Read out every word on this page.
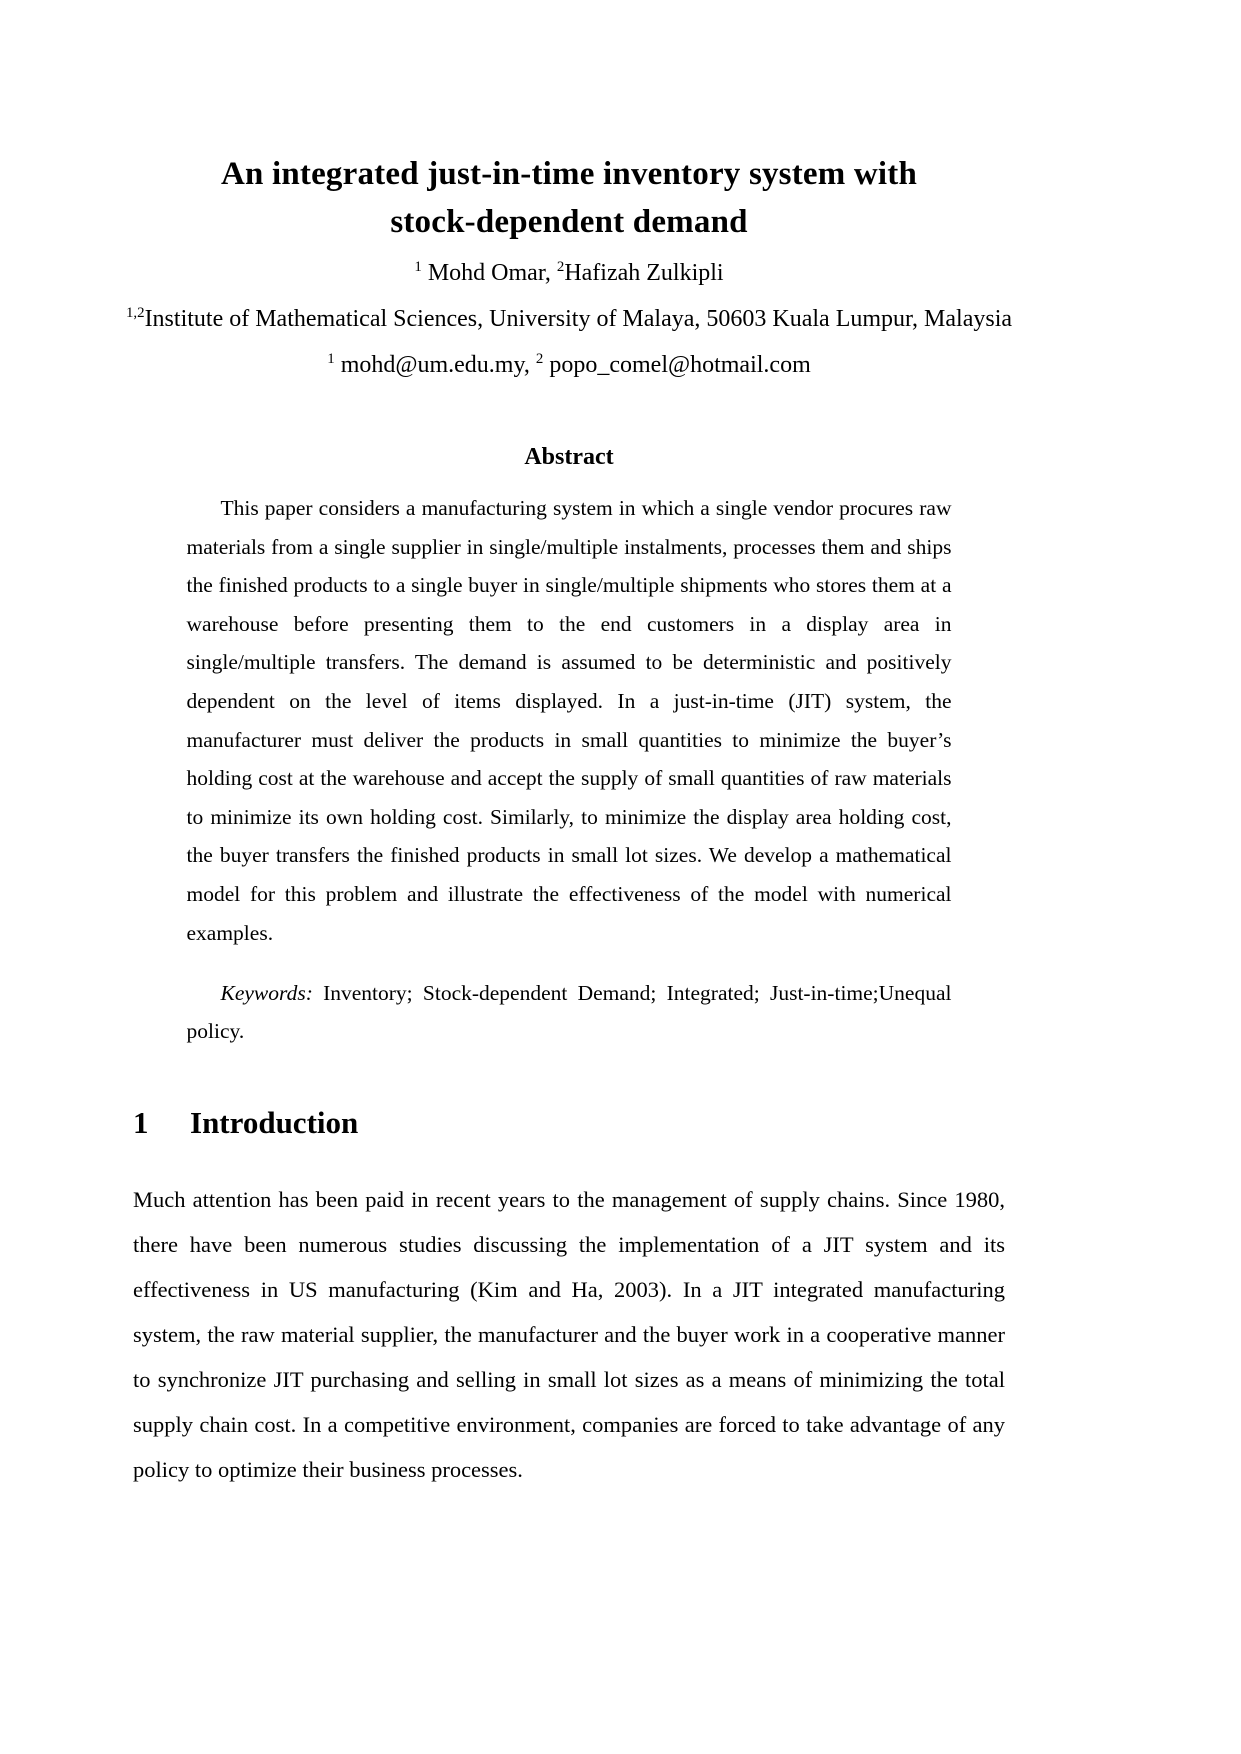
An integrated just-in-time inventory system with
stock-dependent demand
$^1$ Mohd Omar, $^2$Hafizah Zulkipli
$^{1,2}$Institute of Mathematical Sciences, University of Malaya, 50603 Kuala Lumpur, Malaysia
$^1$ mohd@um.edu.my, $^2$ popo_comel@hotmail.com
Abstract

This paper considers a manufacturing system in which a single vendor procures raw materials from a single supplier in single/multiple instalments, processes them and ships the finished products to a single buyer in single/multiple shipments who stores them at a warehouse before presenting them to the end customers in a display area in single/multiple transfers. The demand is assumed to be deterministic and positively dependent on the level of items displayed. In a just-in-time (JIT) system, the manufacturer must deliver the products in small quantities to minimize the buyer’s holding cost at the warehouse and accept the supply of small quantities of raw materials to minimize its own holding cost. Similarly, to minimize the display area holding cost, the buyer transfers the finished products in small lot sizes. We develop a mathematical model for this problem and illustrate the effectiveness of the model with numerical examples.

Keywords: Inventory; Stock-dependent Demand; Integrated; Just-in-time;Unequal policy.

1 Introduction

Much attention has been paid in recent years to the management of supply chains. Since 1980, there have been numerous studies discussing the implementation of a JIT system and its effectiveness in US manufacturing (Kim and Ha, 2003). In a JIT integrated manufacturing system, the raw material supplier, the manufacturer and the buyer work in a cooperative manner to synchronize JIT purchasing and selling in small lot sizes as a means of minimizing the total supply chain cost. In a competitive environment, companies are forced to take advantage of any policy to optimize their business processes.
